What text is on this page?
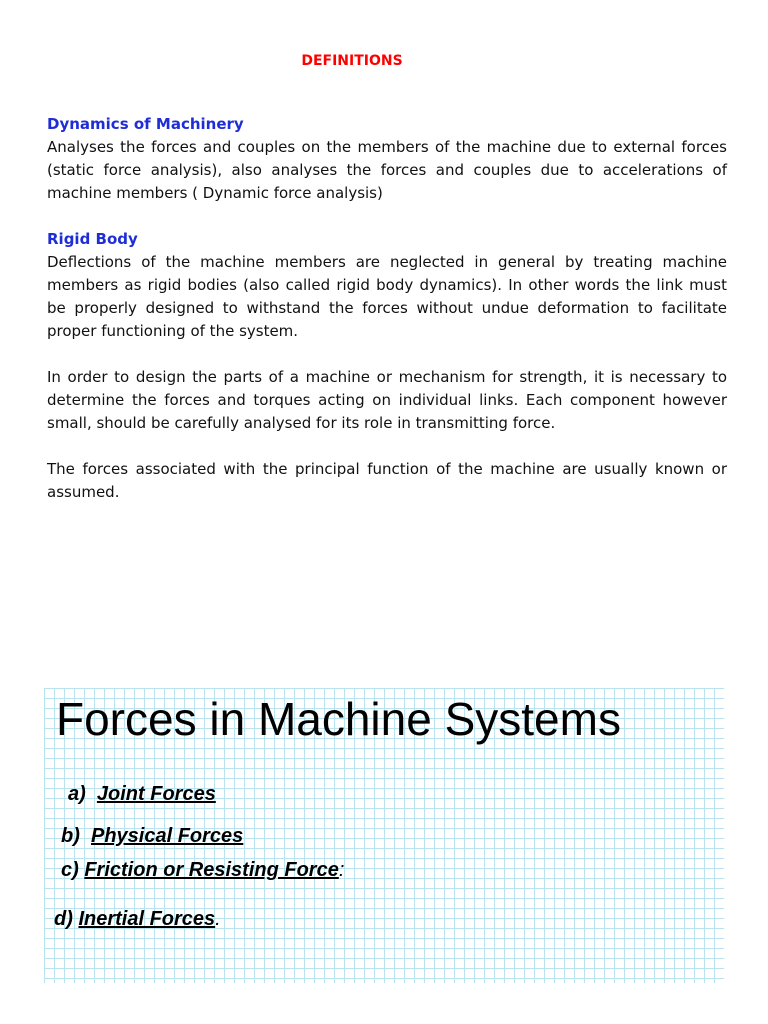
DEFINITIONS
Dynamics of Machinery
Analyses the forces and couples on the members of the machine due to external forces (static force analysis), also analyses the forces and couples due to accelerations of machine members ( Dynamic force analysis)
Rigid Body
Deflections of the machine members are neglected in general by treating machine members as rigid bodies (also called rigid body dynamics). In other words the link must be properly designed to withstand the forces without undue deformation to facilitate proper functioning of the system.
In order to design the parts of a machine or mechanism for strength, it is necessary to determine the forces and torques acting on individual links. Each component however small, should be carefully analysed for its role in transmitting force.
The forces associated with the principal function of the machine are usually known or assumed.
Forces in Machine Systems
a)  Joint Forces
b)  Physical Forces
c) Friction or Resisting Force:
d) Inertial Forces.
